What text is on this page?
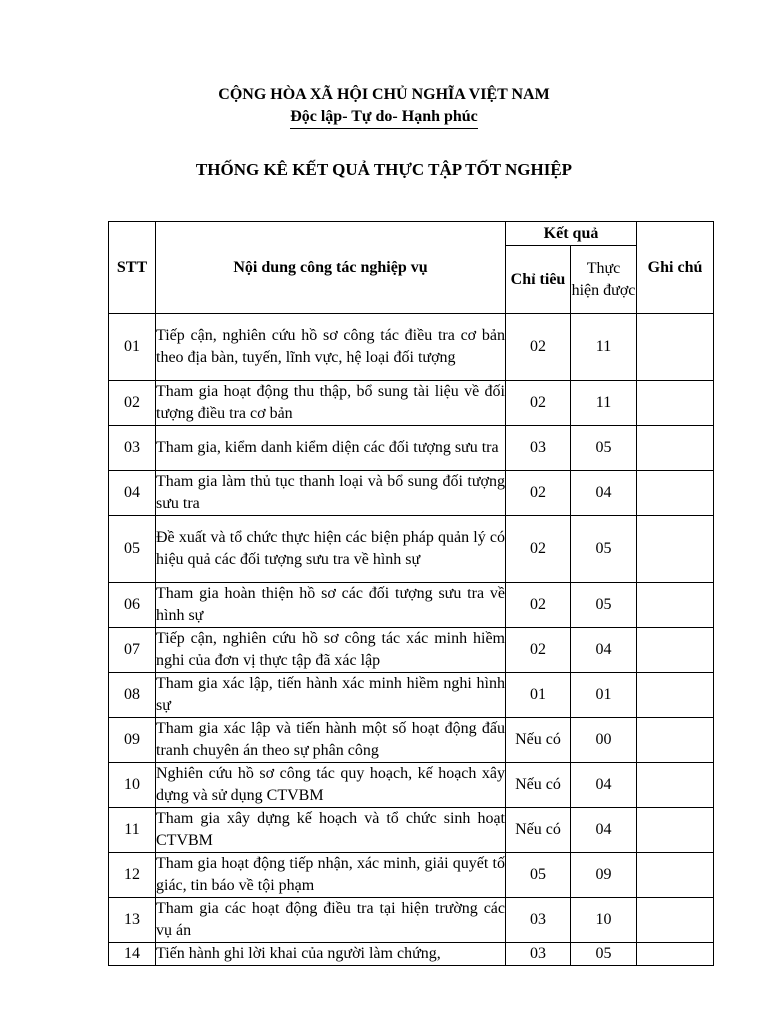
CỘNG HÒA XÃ HỘI CHỦ NGHĨA VIỆT NAM
Độc lập- Tự do- Hạnh phúc
THỐNG KÊ KẾT QUẢ THỰC TẬP TỐT NGHIỆP
STT	Nội dung công tác nghiệp vụ	Kết quả		Ghi chú
		Chỉ tiêu	Thực hiện được	
01	Tiếp cận, nghiên cứu hồ sơ công tác điều tra cơ bản theo địa bàn, tuyến, lĩnh vực, hệ loại đối tượng	02	11	
02	Tham gia hoạt động thu thập, bổ sung tài liệu về đối tượng điều tra cơ bản	02	11	
03	Tham gia, kiểm danh kiểm diện các đối tượng sưu tra	03	05	
04	Tham gia làm thủ tục thanh loại và bổ sung đối tượng sưu tra	02	04	
05	Đề xuất và tổ chức thực hiện các biện pháp quản lý có hiệu quả các đối tượng sưu tra về hình sự	02	05	
06	Tham gia hoàn thiện hồ sơ các đối tượng sưu tra về hình sự	02	05	
07	Tiếp cận, nghiên cứu hồ sơ công tác xác minh hiềm nghi của đơn vị thực tập đã xác lập	02	04	
08	Tham gia xác lập, tiến hành xác minh hiềm nghi hình sự	01	01	
09	Tham gia xác lập và tiến hành một số hoạt động đấu tranh chuyên án theo sự phân công	Nếu có	00	
10	Nghiên cứu hồ sơ công tác quy hoạch, kế hoạch xây dựng và sử dụng CTVBM	Nếu có	04	
11	Tham gia xây dựng kế hoạch và tổ chức sinh hoạt CTVBM	Nếu có	04	
12	Tham gia hoạt động tiếp nhận, xác minh, giải quyết tố giác, tin báo về tội phạm	05	09	
13	Tham gia các hoạt động điều tra tại hiện trường các vụ án	03	10	
14	Tiến hành ghi lời khai của người làm chứng,	03	05	
